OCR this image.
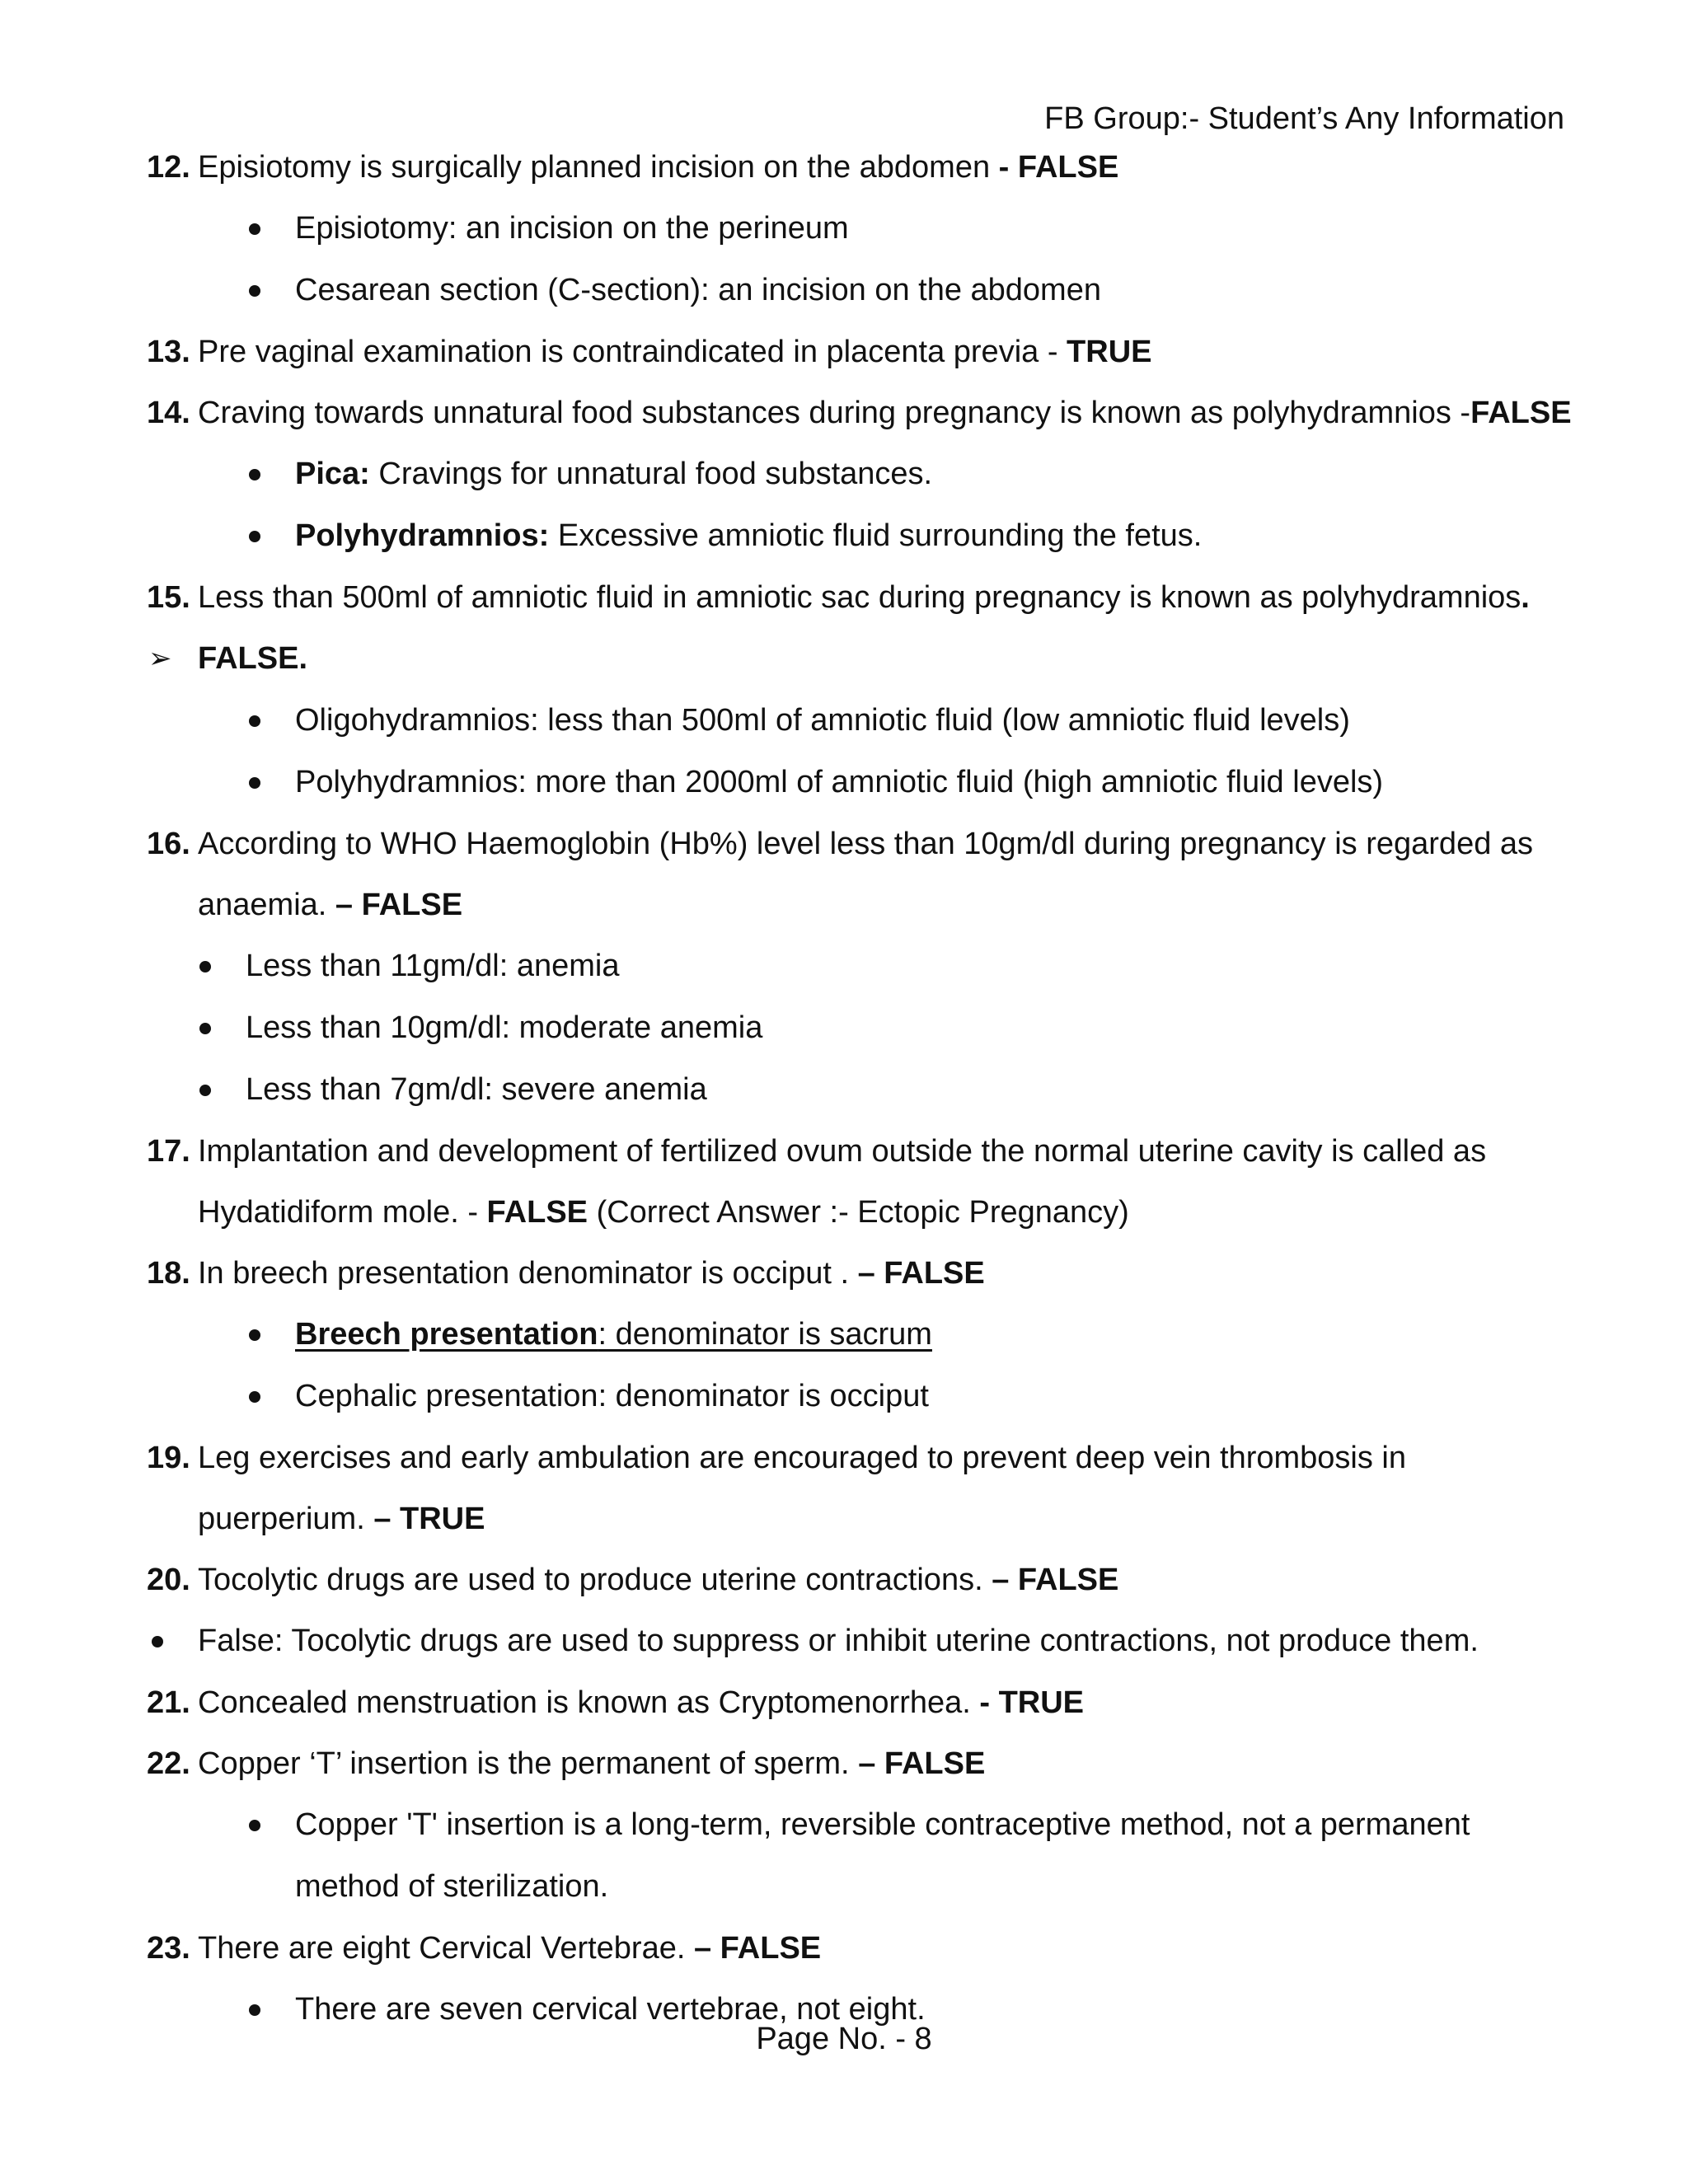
FB Group:- Student’s Any Information

12. Episiotomy is surgically planned incision on the abdomen - FALSE

Episiotomy: an incision on the perineum

Cesarean section (C-section): an incision on the abdomen

13. Pre vaginal examination is contraindicated in placenta previa - TRUE

14. Craving towards unnatural food substances during pregnancy is known as polyhydramnios -FALSE

Pica: Cravings for unnatural food substances.

Polyhydramnios: Excessive amniotic fluid surrounding the fetus.

15. Less than 500ml of amniotic fluid in amniotic sac during pregnancy is known as polyhydramnios.

➢ FALSE.

Oligohydramnios: less than 500ml of amniotic fluid (low amniotic fluid levels)

Polyhydramnios: more than 2000ml of amniotic fluid (high amniotic fluid levels)

16. According to WHO Haemoglobin (Hb%) level less than 10gm/dl during pregnancy is regarded as

anaemia. – FALSE

Less than 11gm/dl: anemia

Less than 10gm/dl: moderate anemia

Less than 7gm/dl: severe anemia

17. Implantation and development of fertilized ovum outside the normal uterine cavity is called as

Hydatidiform mole. - FALSE (Correct Answer :- Ectopic Pregnancy)

18. In breech presentation denominator is occiput . – FALSE

Breech presentation: denominator is sacrum

Cephalic presentation: denominator is occiput

19. Leg exercises and early ambulation are encouraged to prevent deep vein thrombosis in

puerperium. – TRUE

20. Tocolytic drugs are used to produce uterine contractions. – FALSE

False: Tocolytic drugs are used to suppress or inhibit uterine contractions, not produce them.

21. Concealed menstruation is known as Cryptomenorrhea. - TRUE

22. Copper ‘T’ insertion is the permanent of sperm. – FALSE

Copper 'T' insertion is a long-term, reversible contraceptive method, not a permanent

method of sterilization.

23. There are eight Cervical Vertebrae. – FALSE

There are seven cervical vertebrae, not eight.

Page No. - 8
